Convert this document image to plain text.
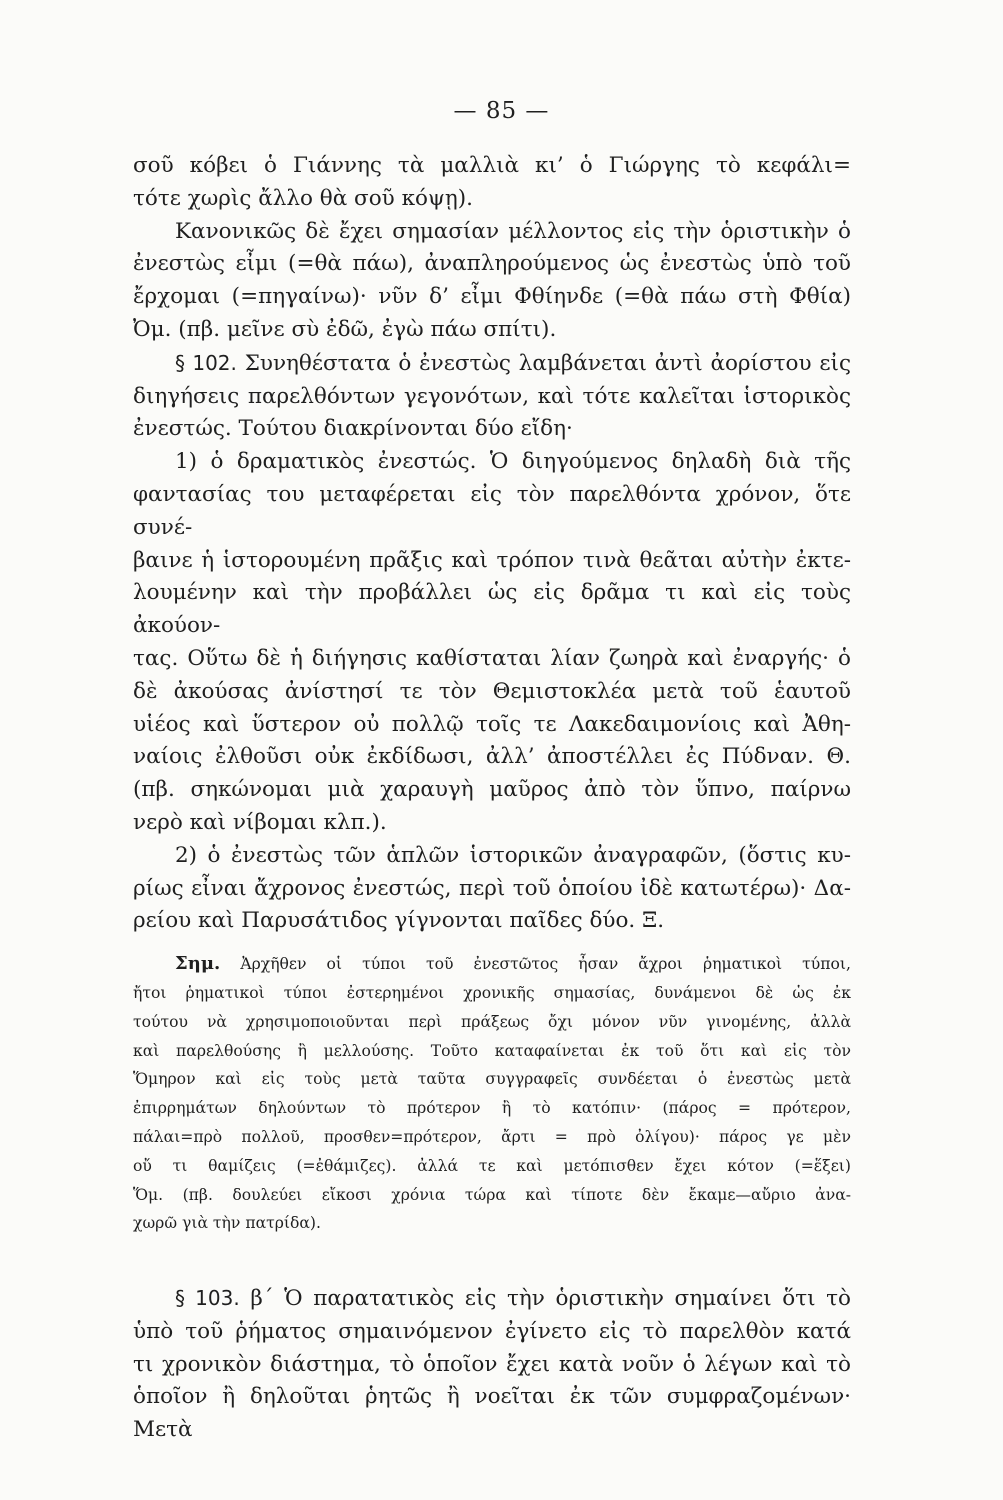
— 85 —

σοῦ κόβει ὁ Γιάννης τὰ μαλλιὰ κι’ ὁ Γιώργης τὸ κεφάλι=
τότε χωρὶς ἄλλο θὰ σοῦ κόψῃ).

Κανονικῶς δὲ ἔχει σημασίαν μέλλοντος εἰς τὴν ὁριστικὴν ὁ
ἐνεστὼς εἶμι (=θὰ πάω), ἀναπληρούμενος ὡς ἐνεστὼς ὑπὸ τοῦ
ἔρχομαι (=πηγαίνω)· νῦν δ’ εἶμι Φθίηνδε (=θὰ πάω στὴ Φθία)
Ὀμ. (πβ. μεῖνε σὺ ἐδῶ, ἐγὼ πάω σπίτι).

§ 102. Συνηθέστατα ὁ ἐνεστὼς λαμβάνεται ἀντὶ ἀορίστου εἰς
διηγήσεις παρελθόντων γεγονότων, καὶ τότε καλεῖται ἱστορικὸς
ἐνεστώς. Τούτου διακρίνονται δύο εἴδη·

1) ὁ δραματικὸς ἐνεστώς. Ὁ διηγούμενος δηλαδὴ διὰ τῆς
φαντασίας του μεταφέρεται εἰς τὸν παρελθόντα χρόνον, ὅτε συνέ-
βαινε ἡ ἱστορουμένη πρᾶξις καὶ τρόπον τινὰ θεᾶται αὐτὴν ἐκτε-
λουμένην καὶ τὴν προβάλλει ὡς εἰς δρᾶμα τι καὶ εἰς τοὺς ἀκούον-
τας. Οὕτω δὲ ἡ διήγησις καθίσταται λίαν ζωηρὰ καὶ ἐναργής· ὁ
δὲ ἀκούσας ἀνίστησί τε τὸν Θεμιστοκλέα μετὰ τοῦ ἑαυτοῦ
υἱέος καὶ ὕστερον οὐ πολλῷ τοῖς τε Λακεδαιμονίοις καὶ Ἀθη-
ναίοις ἐλθοῦσι οὐκ ἐκδίδωσι, ἀλλ’ ἀποστέλλει ἐς Πύδναν. Θ.
(πβ. σηκώνομαι μιὰ χαραυγὴ μαῦρος ἀπὸ τὸν ὕπνο, παίρνω
νερὸ καὶ νίβομαι κλπ.).

2) ὁ ἐνεστὼς τῶν ἁπλῶν ἱστορικῶν ἀναγραφῶν, (ὅστις κυ-
ρίως εἶναι ἄχρονος ἐνεστώς, περὶ τοῦ ὁποίου ἰδὲ κατωτέρω)· Δα-
ρείου καὶ Παρυσάτιδος γίγνονται παῖδες δύο. Ξ.

Σημ. Ἀρχῆθεν οἱ τύποι τοῦ ἐνεστῶτος ἦσαν ἄχροι ῥηματικοὶ τύποι,
ἤτοι ῥηματικοὶ τύποι ἐστερημένοι χρονικῆς σημασίας, δυνάμενοι δὲ ὡς ἐκ
τούτου νὰ χρησιμοποιοῦνται περὶ πράξεως ὄχι μόνον νῦν γινομένης, ἀλλὰ
καὶ παρελθούσης ἢ μελλούσης. Τοῦτο καταφαίνεται ἐκ τοῦ ὅτι καὶ εἰς τὸν
Ὅμηρον καὶ εἰς τοὺς μετὰ ταῦτα συγγραφεῖς συνδέεται ὁ ἐνεστὼς μετὰ
ἐπιρρημάτων δηλούντων τὸ πρότερον ἢ τὸ κατόπιν· (πάρος = πρότερον,
πάλαι=πρὸ πολλοῦ, προσθεν=πρότερον, ἄρτι = πρὸ ὀλίγου)· πάρος γε μὲν
οὔ τι θαμίζεις (=ἐθάμιζες). ἀλλά τε καὶ μετόπισθεν ἔχει κότον (=ἕξει)
Ὅμ. (πβ. δουλεύει εἴκοσι χρόνια τώρα καὶ τίποτε δὲν ἔκαμε—αὔριο ἀνα-
χωρῶ γιὰ τὴν πατρίδα).

§ 103. β΄ Ὁ παρατατικὸς εἰς τὴν ὁριστικὴν σημαίνει ὅτι τὸ
ὑπὸ τοῦ ῥήματος σημαινόμενον ἐγίνετο εἰς τὸ παρελθὸν κατά
τι χρονικὸν διάστημα, τὸ ὁποῖον ἔχει κατὰ νοῦν ὁ λέγων καὶ τὸ
ὁποῖον ἢ δηλοῦται ῥητῶς ἢ νοεῖται ἐκ τῶν συμφραζομένων· Μετὰ
